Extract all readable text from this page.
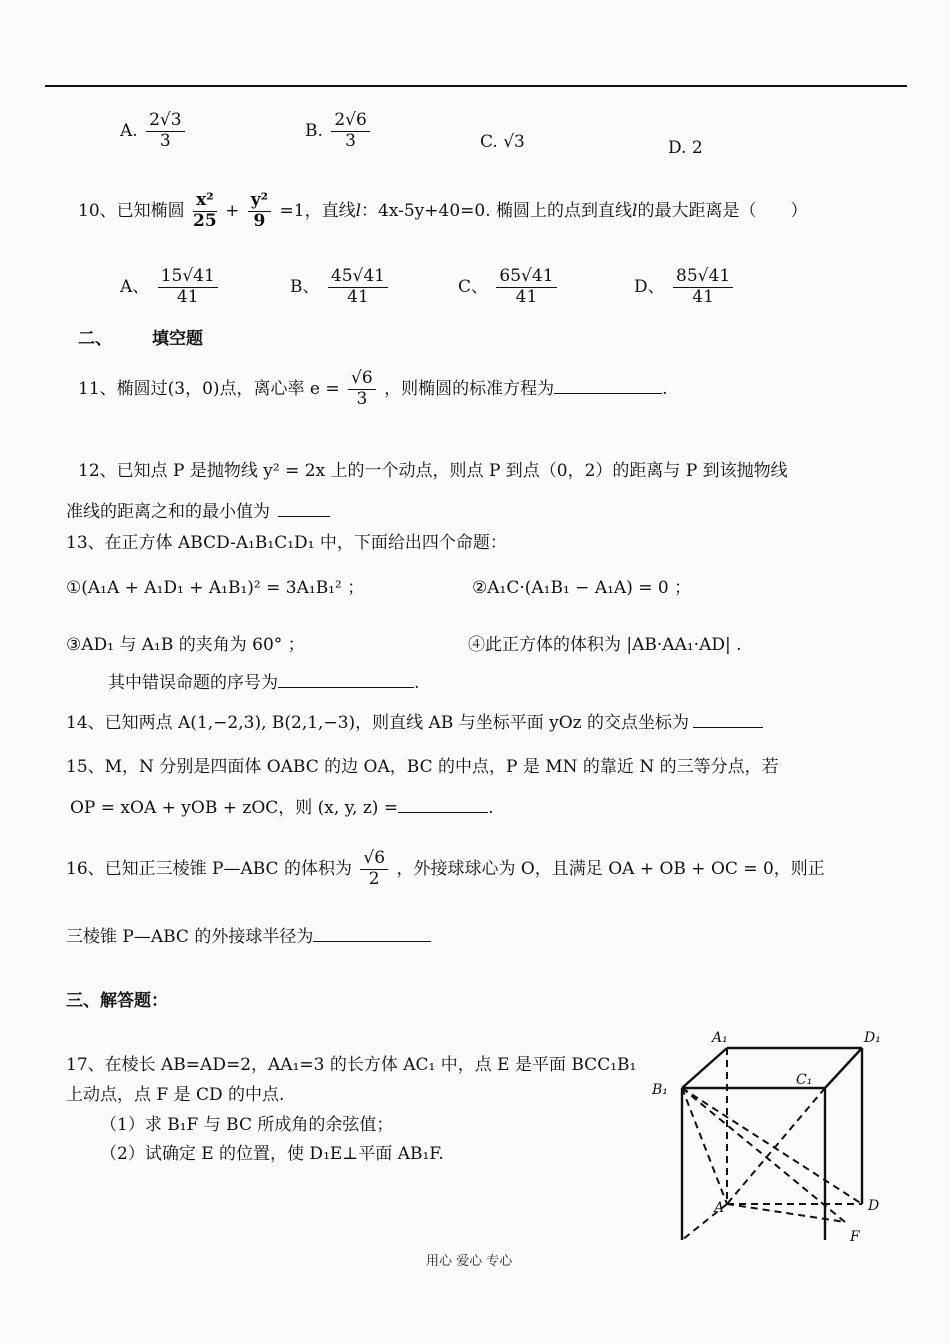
A. $\frac{2√3}{3}$	B. $\frac{2√6}{3}$	C. √3	D. 2
10、已知椭圆 $\frac{\text{x²}}{25} + \frac{\text{y²}}{9} =1$，直线l：4x-5y+40=0. 椭圆上的点到直线l的最大距离是（　　）
A、 $\frac{15√41}{41}$	B、 $\frac{45√41}{41}$	C、 $\frac{65√41}{41}$	D、 $\frac{85√41}{41}$
二、 填空题
11、椭圆过(3，0)点，离心率 $e = \frac{√6}{3}$ ，则椭圆的标准方程为	.
12、已知点 P 是抛物线 y² = 2x 上的一个动点，则点 P 到点（0，2）的距离与 P 到该抛物线
准线的距离之和的最小值为
13、在正方体 ABCD-A₁B₁C₁D₁ 中，下面给出四个命题：
①(A₁A + A₁D₁ + A₁B₁)² = 3A₁B₁² ；	②A₁C·(A₁B₁ − A₁A) = 0 ；
③AD₁ 与 A₁B 的夹角为 60° ；	④此正方体的体积为 |AB·AA₁·AD| .
其中错误命题的序号为	.
14、已知两点 A(1,−2,3), B(2,1,−3)，则直线 AB 与坐标平面 yOz 的交点坐标为
15、M，N 分别是四面体 OABC 的边 OA，BC 的中点，P 是 MN 的靠近 N 的三等分点，若
OP = xOA + yOB + zOC，则 (x, y, z) =	.
16、已知正三棱锥 P—ABC 的体积为 $\frac{√6}{2}$ ，外接球球心为 O，且满足 OA + OB + OC = 0，则正
三棱锥 P—ABC 的外接球半径为
三、解答题：
17、在棱长 AB=AD=2，AA₁=3 的长方体 AC₁ 中，点 E 是平面 BCC₁B₁
上动点，点 F 是 CD 的中点.
（1）求 B₁F 与 BC 所成角的余弦值；
（2）试确定 E 的位置，使 D₁E⊥平面 AB₁F.
A₁	D₁
B₁
C₁
A	D
F
用心 爱心 专心
